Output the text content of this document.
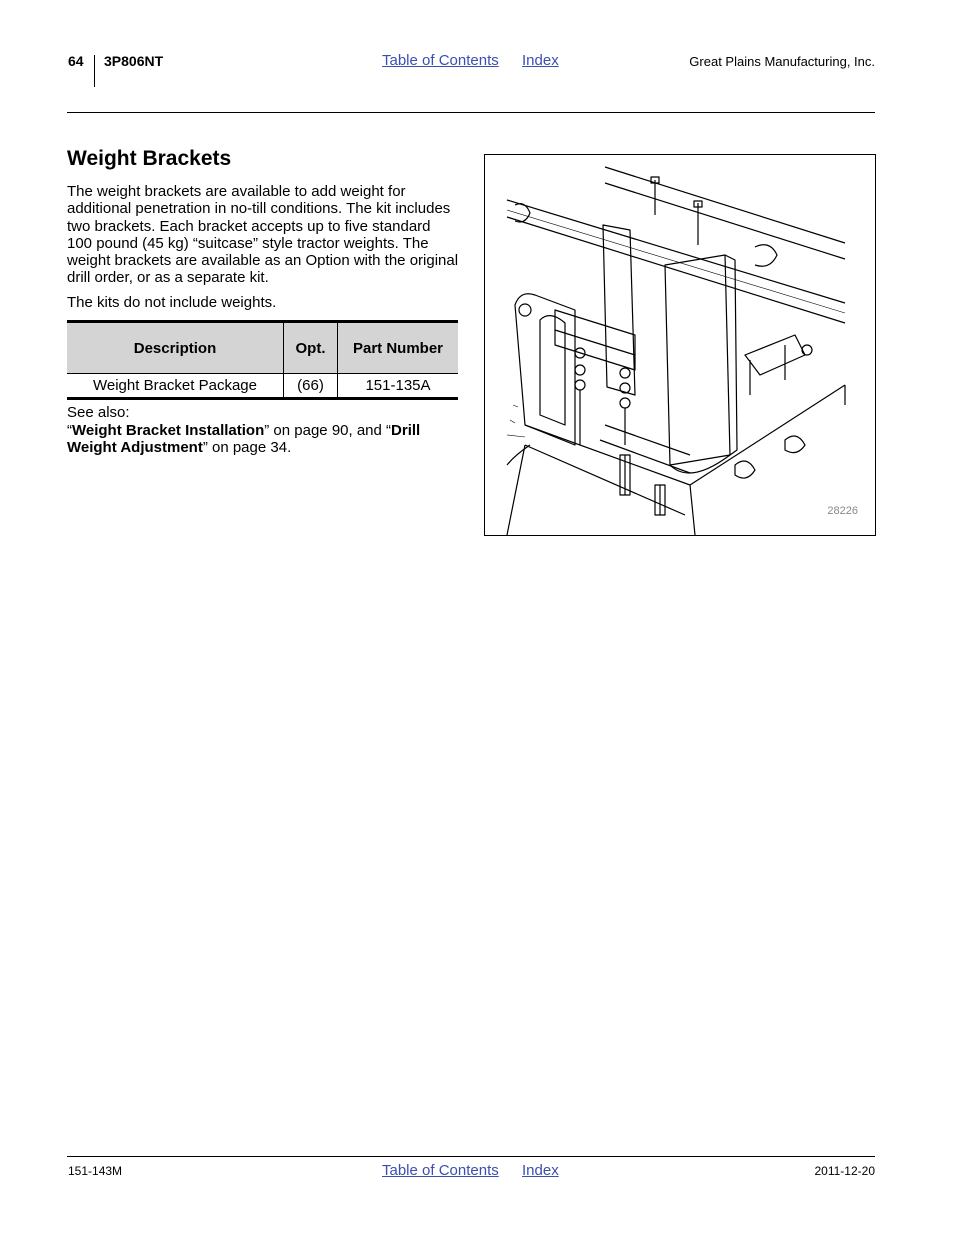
64 3P806NT	Table of Contents Index	Great Plains Manufacturing, Inc.
Weight Brackets
The weight brackets are available to add weight for additional penetration in no-till conditions. The kit includes two brackets. Each bracket accepts up to five standard 100 pound (45 kg) “suitcase” style tractor weights. The weight brackets are available as an Option with the original drill order, or as a separate kit.
The kits do not include weights.
Description	Opt.	Part Number
Weight Bracket Package	(66)	151-135A
See also:
“Weight Bracket Installation” on page 90, and “Drill Weight Adjustment” on page 34.
28226
151-143M	Table of Contents Index	2011-12-20
